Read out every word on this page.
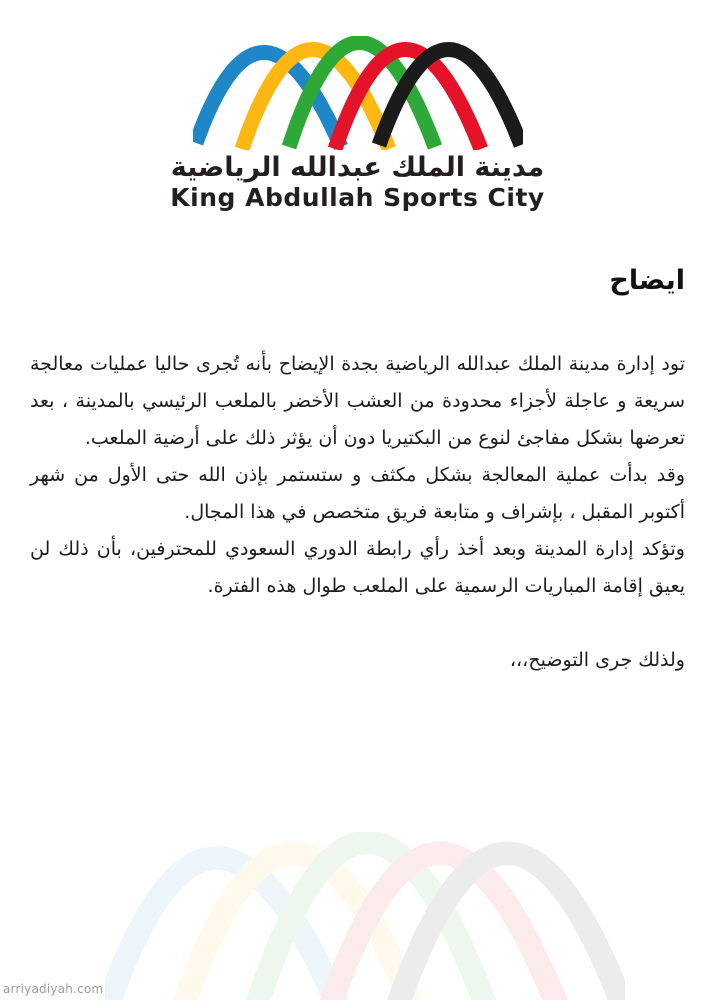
مدينة الملك عبدالله الرياضية
King Abdullah Sports City
ايضاح

تود إدارة مدينة الملك عبدالله الرياضية بجدة الإيضاح بأنه تُجرى حاليا عمليات معالجة سريعة و عاجلة لأجزاء محدودة من العشب الأخضر بالملعب الرئيسي بالمدينة ، بعد تعرضها بشكل مفاجئ لنوع من البكتيريا دون أن يؤثر ذلك على أرضية الملعب.

وقد بدأت عملية المعالجة بشكل مكثف و ستستمر بإذن الله حتى الأول من شهر أكتوبر المقبل ، بإشراف و متابعة فريق متخصص في هذا المجال.

وتؤكد إدارة المدينة وبعد أخذ رأي رابطة الدوري السعودي للمحترفين، بأن ذلك لن يعيق إقامة المباريات الرسمية على الملعب طوال هذه الفترة.

ولذلك جرى التوضيح،،،
arriyadiyah.com
